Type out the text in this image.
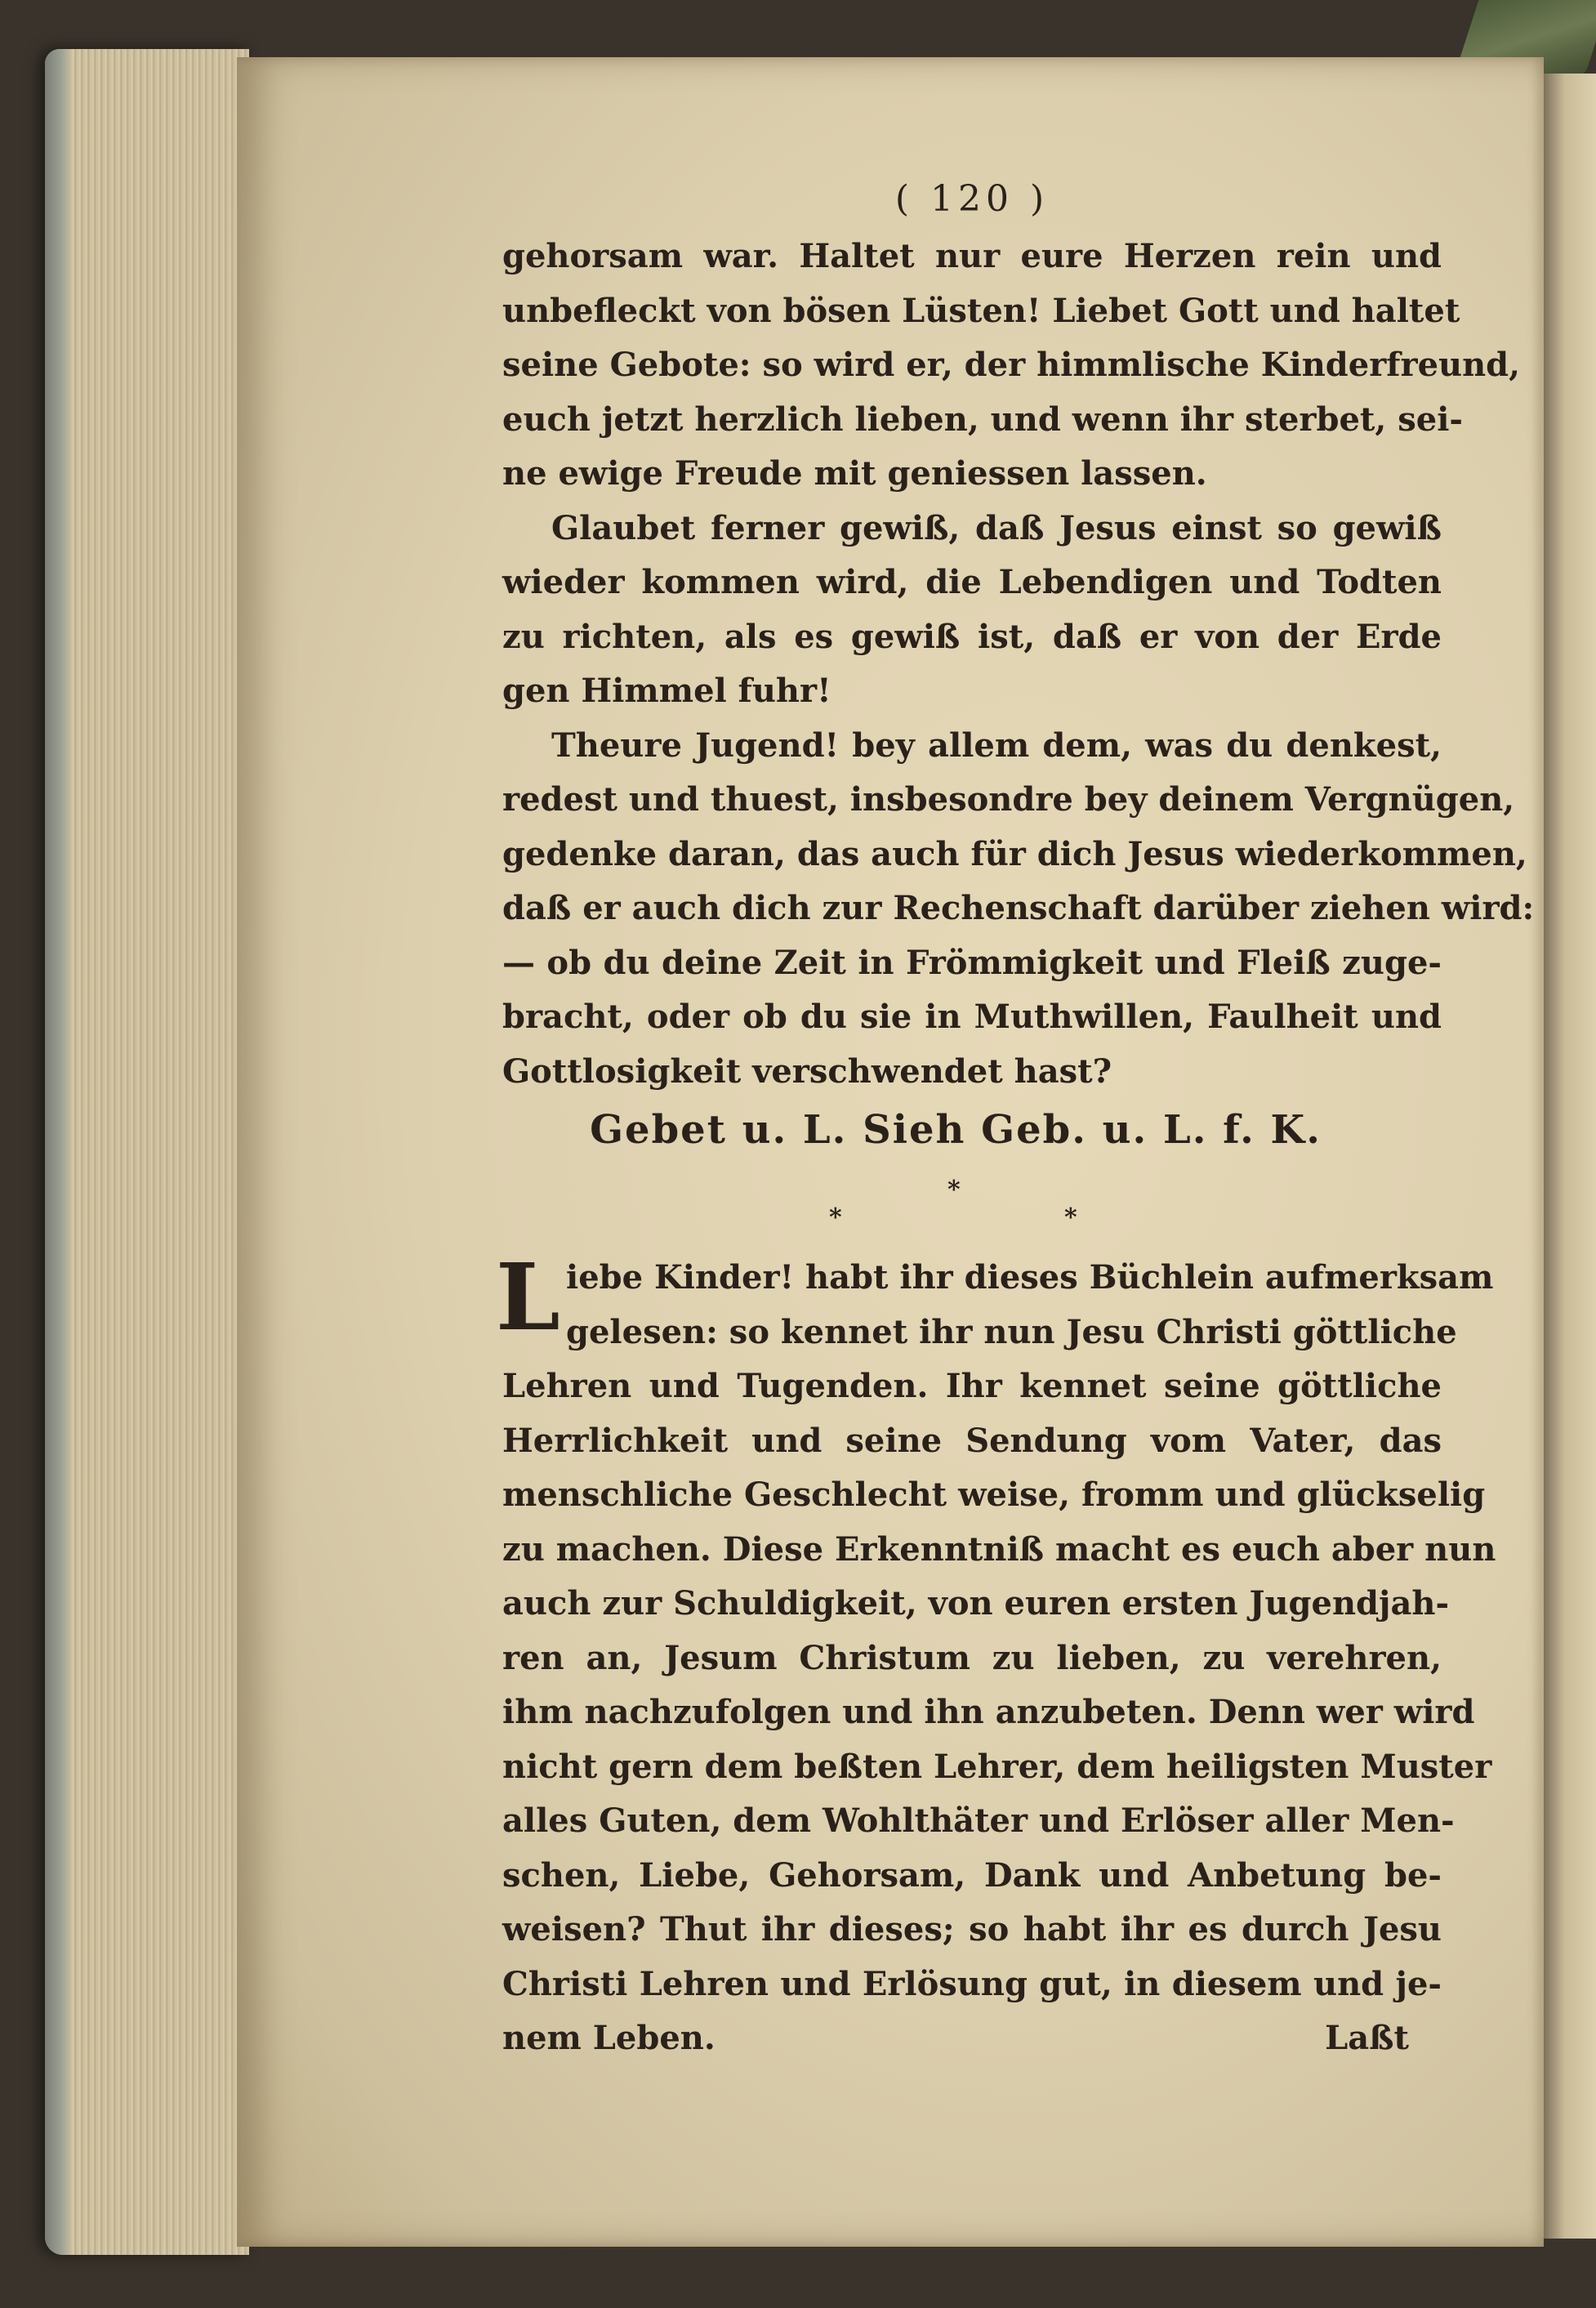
( 120 )
gehorsam war. Haltet nur eure Herzen rein und
unbefleckt von bösen Lüsten! Liebet Gott und haltet
seine Gebote: so wird er, der himmlische Kinderfreund,
euch jetzt herzlich lieben, und wenn ihr sterbet, sei-
ne ewige Freude mit geniessen lassen.
Glaubet ferner gewiß, daß Jesus einst so gewiß
wieder kommen wird, die Lebendigen und Todten
zu richten, als es gewiß ist, daß er von der Erde
gen Himmel fuhr!
Theure Jugend! bey allem dem, was du denkest,
redest und thuest, insbesondre bey deinem Vergnügen,
gedenke daran, das auch für dich Jesus wiederkommen,
daß er auch dich zur Rechenschaft darüber ziehen wird:
— ob du deine Zeit in Frömmigkeit und Fleiß zuge-
bracht, oder ob du sie in Muthwillen, Faulheit und
Gottlosigkeit verschwendet hast?
Gebet u. L. Sieh Geb. u. L. f. K.
*
*	*
L iebe Kinder! habt ihr dieses Büchlein aufmerksam
gelesen: so kennet ihr nun Jesu Christi göttliche
Lehren und Tugenden. Ihr kennet seine göttliche
Herrlichkeit und seine Sendung vom Vater, das
menschliche Geschlecht weise, fromm und glückselig
zu machen. Diese Erkenntniß macht es euch aber nun
auch zur Schuldigkeit, von euren ersten Jugendjah-
ren an, Jesum Christum zu lieben, zu verehren,
ihm nachzufolgen und ihn anzubeten. Denn wer wird
nicht gern dem beßten Lehrer, dem heiligsten Muster
alles Guten, dem Wohlthäter und Erlöser aller Men-
schen, Liebe, Gehorsam, Dank und Anbetung be-
weisen? Thut ihr dieses; so habt ihr es durch Jesu
Christi Lehren und Erlösung gut, in diesem und je-
nem Leben.	Laßt
